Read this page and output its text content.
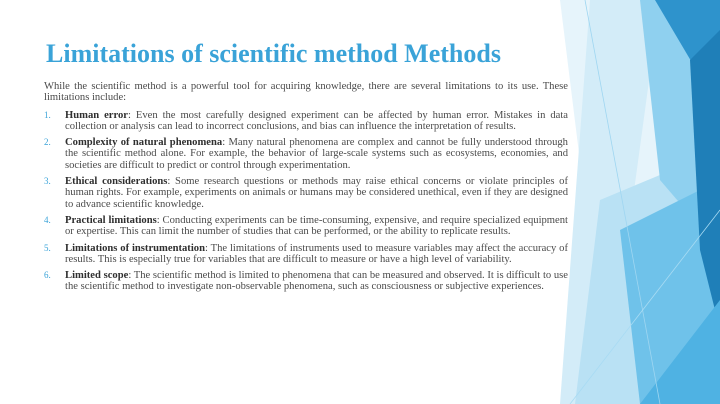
Limitations of scientific method Methods

While the scientific method is a powerful tool for acquiring knowledge, there are several limitations to its use. These limitations include:

1. Human error: Even the most carefully designed experiment can be affected by human error. Mistakes in data collection or analysis can lead to incorrect conclusions, and bias can influence the interpretation of results.
2. Complexity of natural phenomena: Many natural phenomena are complex and cannot be fully understood through the scientific method alone. For example, the behavior of large-scale systems such as ecosystems, economies, and societies are difficult to predict or control through experimentation.
3. Ethical considerations: Some research questions or methods may raise ethical concerns or violate principles of human rights. For example, experiments on animals or humans may be considered unethical, even if they are designed to advance scientific knowledge.
4. Practical limitations: Conducting experiments can be time-consuming, expensive, and require specialized equipment or expertise. This can limit the number of studies that can be performed, or the ability to replicate results.
5. Limitations of instrumentation: The limitations of instruments used to measure variables may affect the accuracy of results. This is especially true for variables that are difficult to measure or have a high level of variability.
6. Limited scope: The scientific method is limited to phenomena that can be measured and observed. It is difficult to use the scientific method to investigate non-observable phenomena, such as consciousness or subjective experiences.
